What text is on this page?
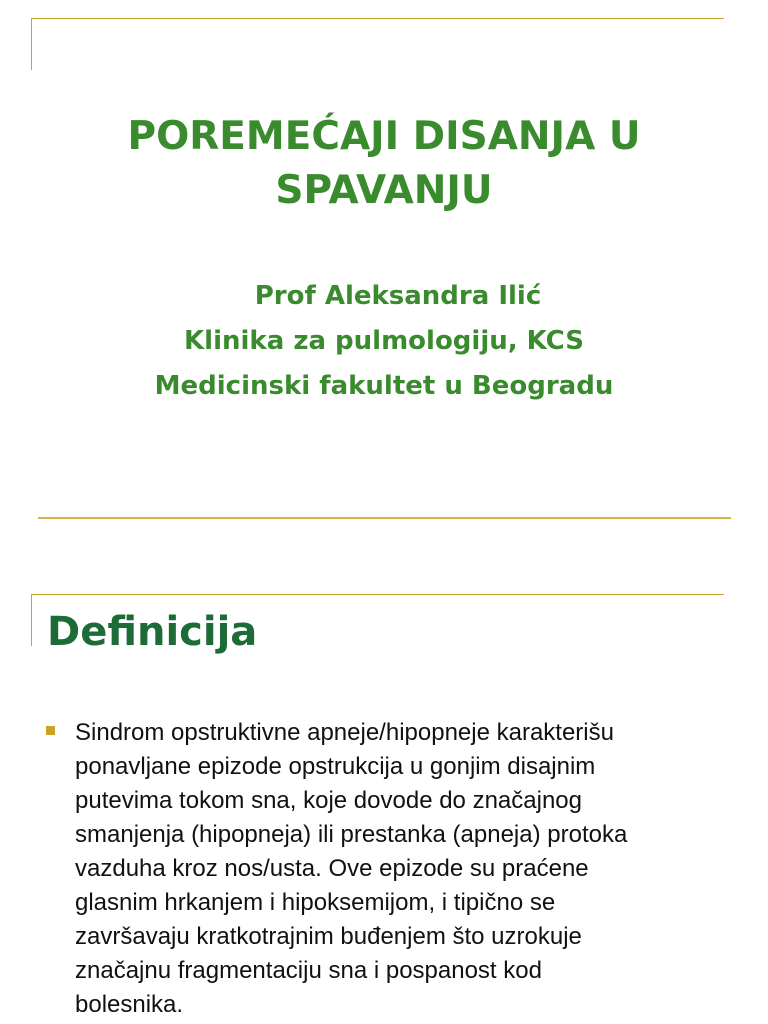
POREMEĆAJI DISANJA U
SPAVANJU
Prof Aleksandra Ilić
Klinika za pulmologiju, KCS
Medicinski fakultet u Beogradu
Definicija

Sindrom opstruktivne apneje/hipopneje karakterišu
ponavljane epizode opstrukcija u gonjim disajnim
putevima tokom sna, koje dovode do značajnog
smanjenja (hipopneja) ili prestanka (apneja) protoka
vazduha kroz nos/usta. Ove epizode su praćene
glasnim hrkanjem i hipoksemijom, i tipično se
završavaju kratkotrajnim buđenjem što uzrokuje
značajnu fragmentaciju sna i pospanost kod
bolesnika.
